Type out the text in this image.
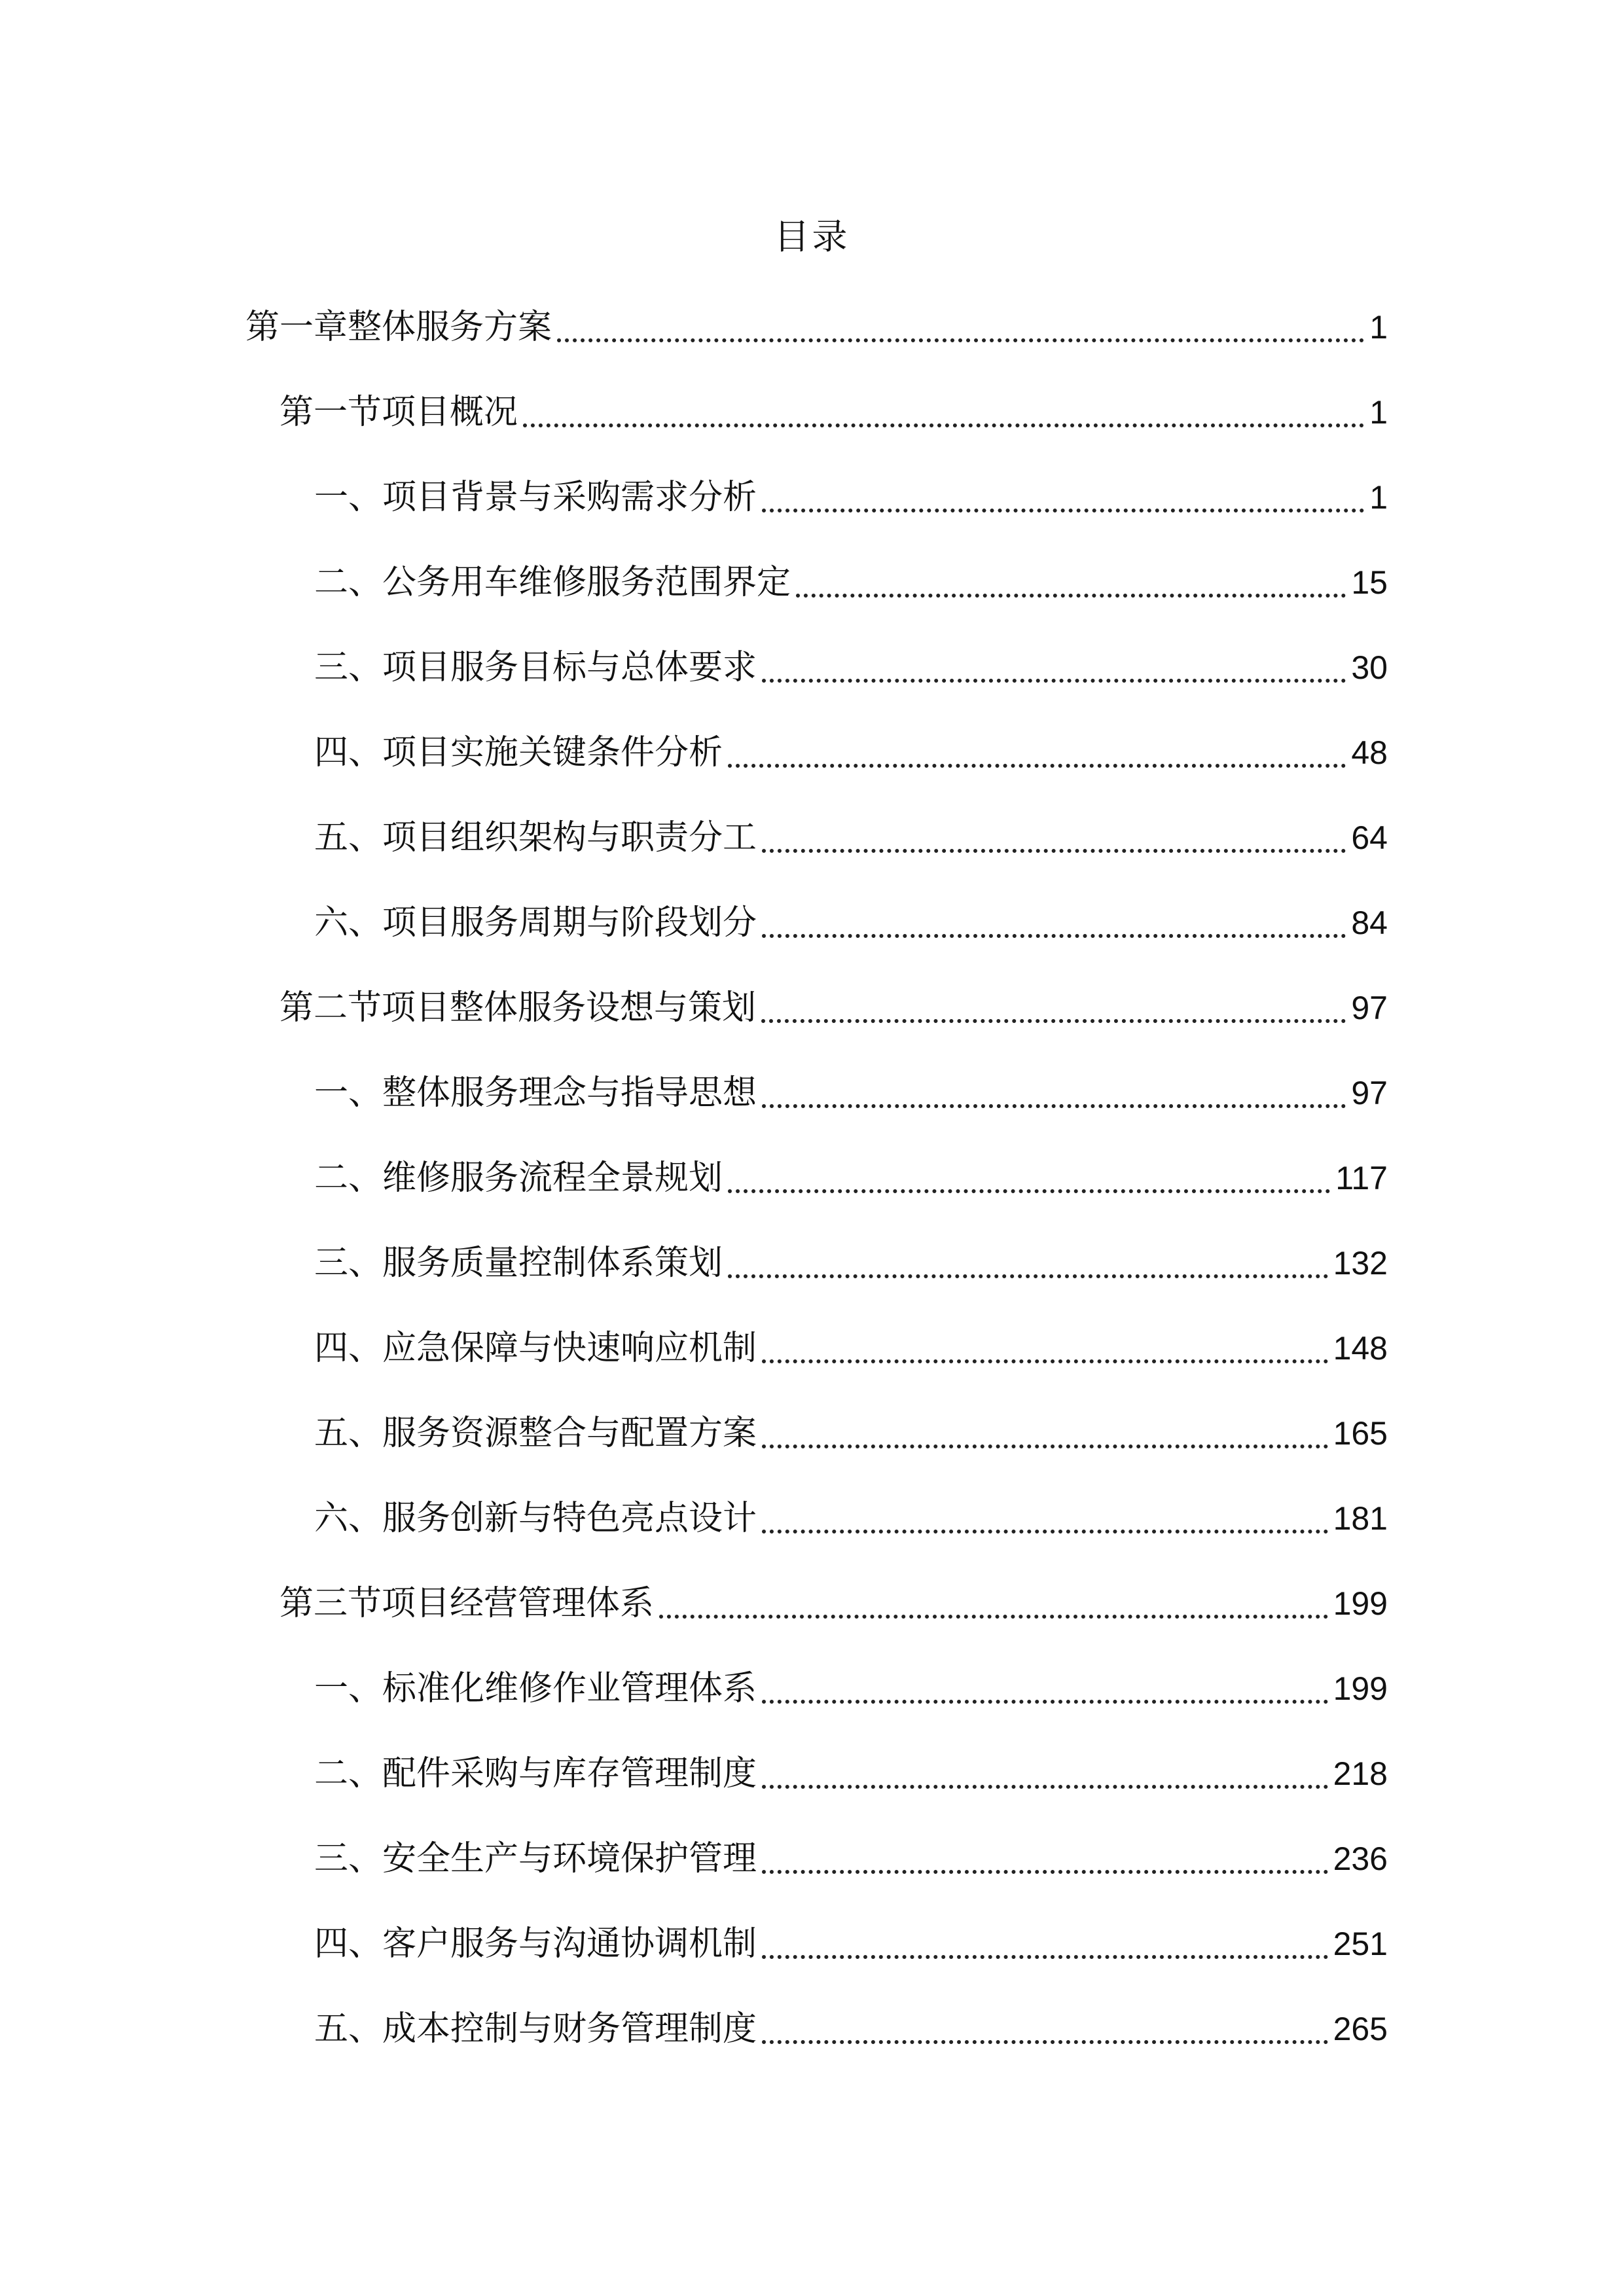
目录
第一章整体服务方案	1
第一节项目概况	1
一、项目背景与采购需求分析	1
二、公务用车维修服务范围界定	15
三、项目服务目标与总体要求	30
四、项目实施关键条件分析	48
五、项目组织架构与职责分工	64
六、项目服务周期与阶段划分	84
第二节项目整体服务设想与策划	97
一、整体服务理念与指导思想	97
二、维修服务流程全景规划	117
三、服务质量控制体系策划	132
四、应急保障与快速响应机制	148
五、服务资源整合与配置方案	165
六、服务创新与特色亮点设计	181
第三节项目经营管理体系	199
一、标准化维修作业管理体系	199
二、配件采购与库存管理制度	218
三、安全生产与环境保护管理	236
四、客户服务与沟通协调机制	251
五、成本控制与财务管理制度	265
